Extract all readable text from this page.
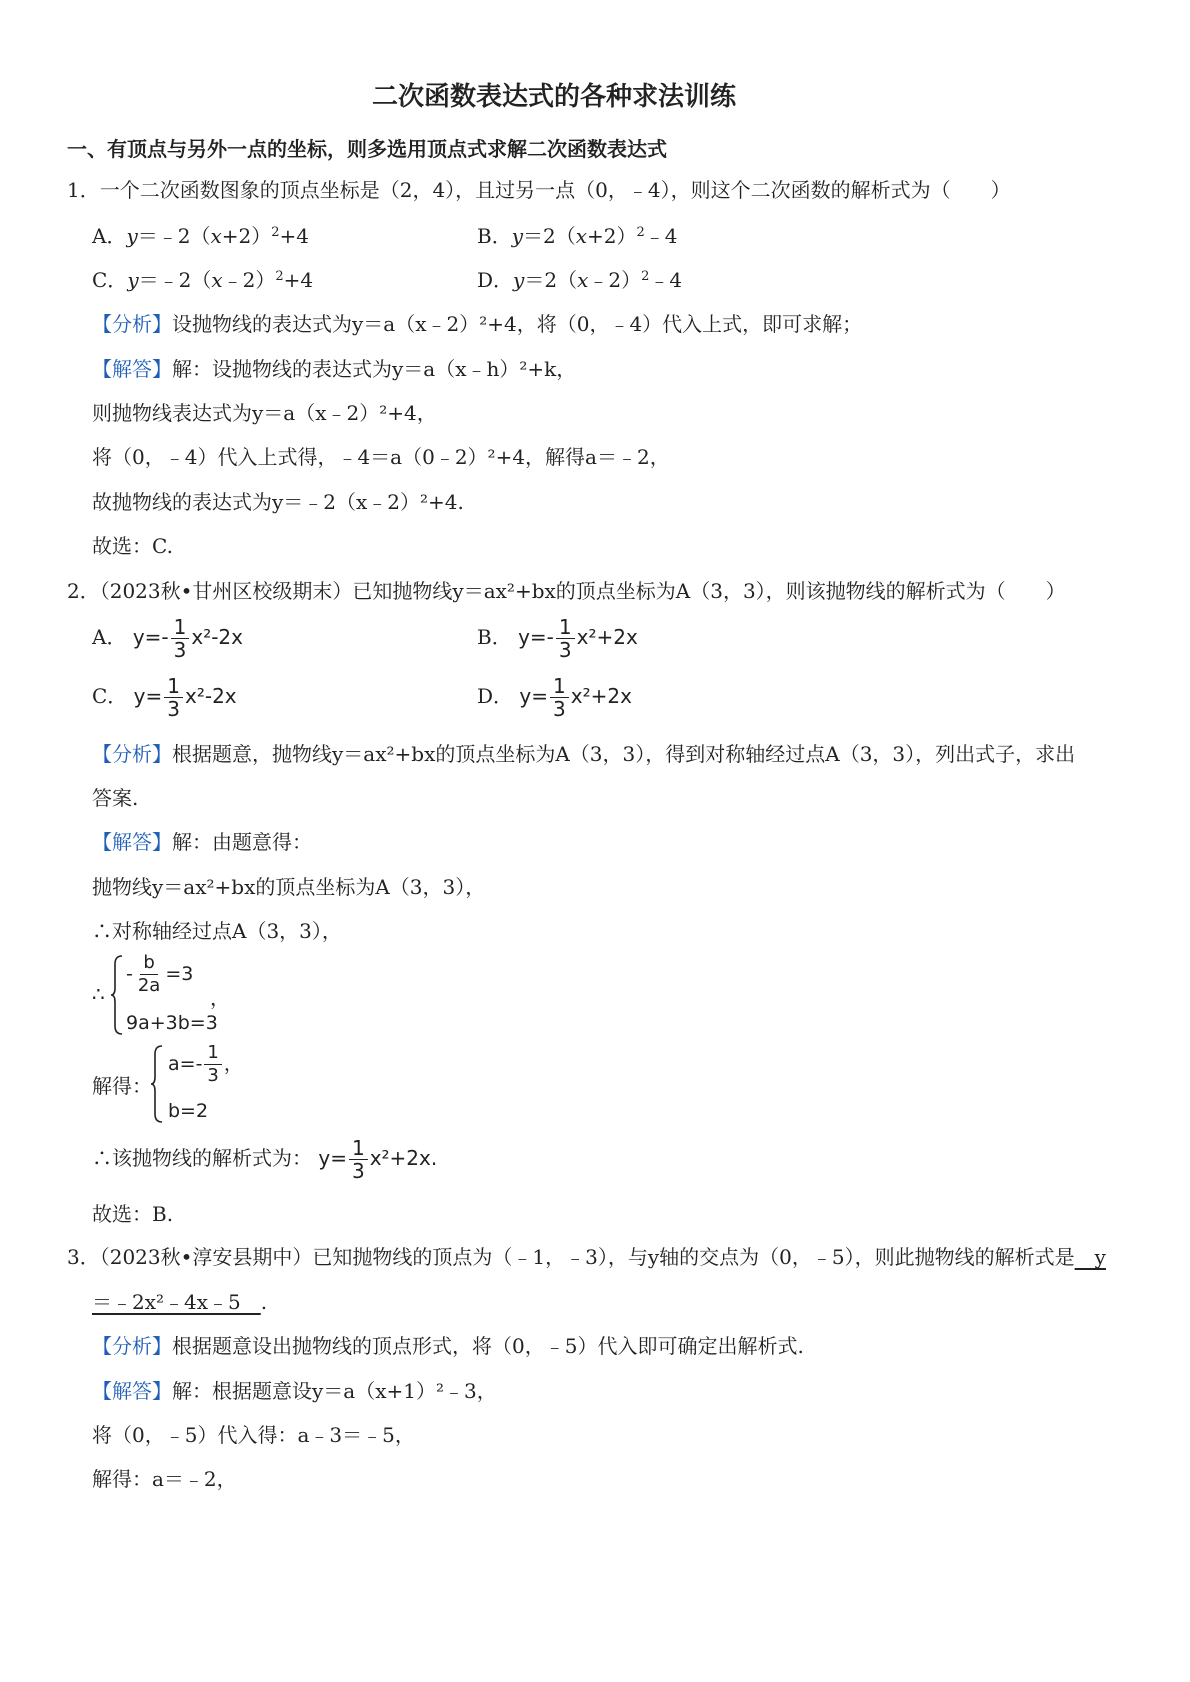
二次函数表达式的各种求法训练
一、有顶点与另外一点的坐标，则多选用顶点式求解二次函数表达式
1．一个二次函数图象的顶点坐标是（2，4），且过另一点（0，﹣4），则这个二次函数的解析式为（　　）
A．$y=﹣2(x+2)^2+4$	B．$y=2(x+2)^2﹣4$
C．y＝﹣2（x﹣2）$^2$+4	D．y＝2（x﹣2）$^2$﹣4
【分析】设抛物线的表达式为y＝a（x﹣2）²+4，将（0，﹣4）代入上式，即可求解；
【解答】解：设抛物线的表达式为y＝a（x﹣h）²+k，
则抛物线表达式为y＝a（x﹣2）²+4，
将（0，﹣4）代入上式得，﹣4＝a（0﹣2）²+4，解得a＝﹣2，
故抛物线的表达式为y＝﹣2（x﹣2）²+4.
故选：C.
2．（2023秋•甘州区校级期末）已知抛物线y＝ax²+bx的顶点坐标为A（3，3），则该抛物线的解析式为（　　）
A． $y=- \frac{1}{3} x^2-2x$	B． $y=- \frac{1}{3} x^2+2x$
C． $y= \frac{1}{3} x^2-2x$	D． $y= \frac{1}{3} x^2+2x$
【分析】根据题意，抛物线y＝ax²+bx的顶点坐标为A（3，3），得到对称轴经过点A（3，3），列出式子，求出
答案.
【解答】解：由题意得：
抛物线y＝ax²+bx的顶点坐标为A（3，3），
∴对称轴经过点A（3，3），
∴
- $\frac{b}{2a} =3$
9a+3b=3
，
解得：
$a=- \frac{1}{3}$ ，
b=2
∴该抛物线的解析式为： $y= \frac{1}{3} x^2+2x$.
故选：B.
3．（2023秋•淳安县期中）已知抛物线的顶点为（﹣1，﹣3），与y轴的交点为（0，﹣5），则此抛物线的解析式是　y
＝﹣2x²﹣4x﹣5　.
【分析】根据题意设出抛物线的顶点形式，将（0，﹣5）代入即可确定出解析式.
【解答】解：根据题意设y＝a（x+1）²﹣3，
将（0，﹣5）代入得：a﹣3＝﹣5，
解得：a＝﹣2，
